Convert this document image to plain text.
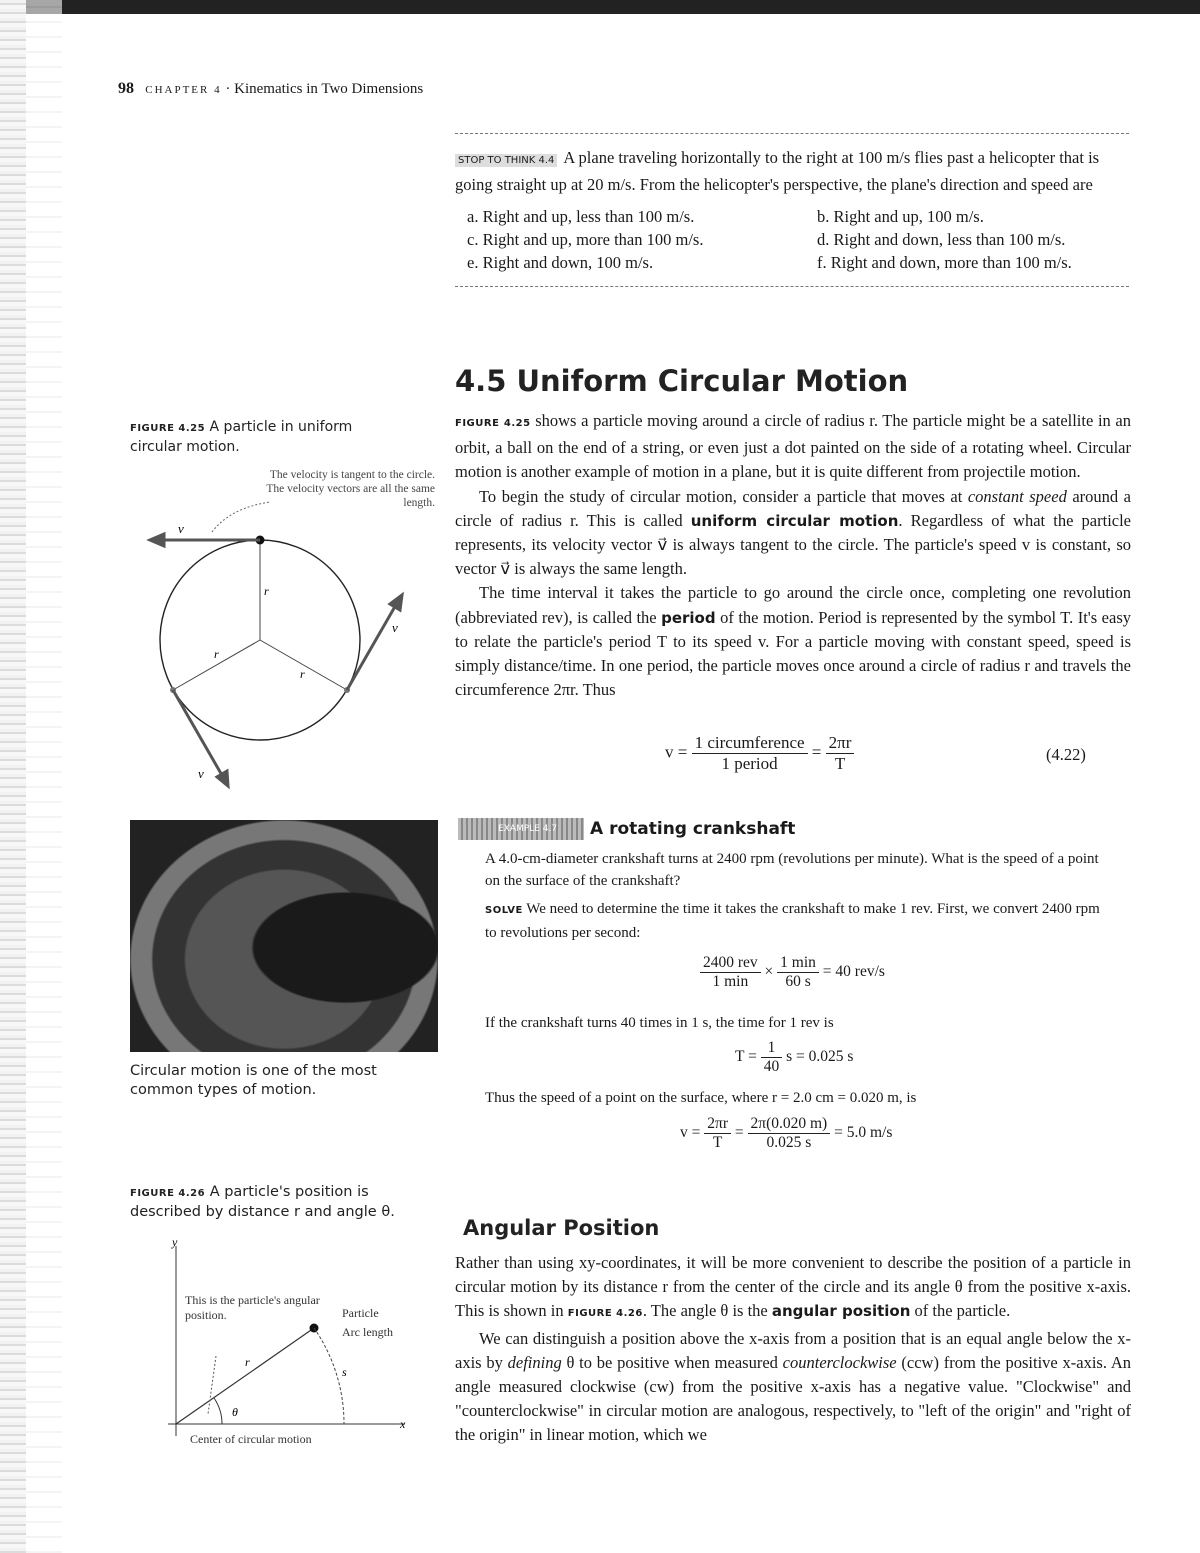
98 CHAPTER 4 · Kinematics in Two Dimensions
STOP TO THINK 4.4 A plane traveling horizontally to the right at 100 m/s flies past a helicopter that is going straight up at 20 m/s. From the helicopter's perspective, the plane's direction and speed are
a. Right and up, less than 100 m/s.	b. Right and up, 100 m/s.
c. Right and up, more than 100 m/s.	d. Right and down, less than 100 m/s.
e. Right and down, 100 m/s.	f. Right and down, more than 100 m/s.
4.5 Uniform Circular Motion
FIGURE 4.25 A particle in uniform circular motion.
The velocity is tangent to the circle. The velocity vectors are all the same length.
v⃗
v⃗
v⃗
r
r
r

FIGURE 4.25 shows a particle moving around a circle of radius r. The particle might be a satellite in an orbit, a ball on the end of a string, or even just a dot painted on the side of a rotating wheel. Circular motion is another example of motion in a plane, but it is quite different from projectile motion.

To begin the study of circular motion, consider a particle that moves at constant speed around a circle of radius r. This is called uniform circular motion. Regardless of what the particle represents, its velocity vector v⃗ is always tangent to the circle. The particle's speed v is constant, so vector v⃗ is always the same length.

The time interval it takes the particle to go around the circle once, completing one revolution (abbreviated rev), is called the period of the motion. Period is represented by the symbol T. It's easy to relate the particle's period T to its speed v. For a particle moving with constant speed, speed is simply distance/time. In one period, the particle moves once around a circle of radius r and travels the circumference 2πr. Thus

$v = \frac{\text{1 circumference}}{\text{1 period}} = \frac{2\pi r}{T}$	(4.22)
Circular motion is one of the most common types of motion.
EXAMPLE 4.7 A rotating crankshaft
A 4.0-cm-diameter crankshaft turns at 2400 rpm (revolutions per minute). What is the speed of a point on the surface of the crankshaft?
SOLVE We need to determine the time it takes the crankshaft to make 1 rev. First, we convert 2400 rpm to revolutions per second:
$\frac{\text{2400 rev}}{1 \min} \times \frac{1 \min}{60 s} = 40$ rev/s
If the crankshaft turns 40 times in 1 s, the time for 1 rev is
$T = \frac{1}{40}$ s = 0.025 s
Thus the speed of a point on the surface, where r = 2.0 cm = 0.020 m, is
$v = \frac{2\pi r}{T} = \frac{2\pi(0.020 m)}{0.025 s} = 5.0$ m/s
FIGURE 4.26 A particle's position is described by distance r and angle θ.
y
x
r
s
θ
This is the particle's angular position.	Particle
Arc length
Center of circular motion
Angular Position

Rather than using xy-coordinates, it will be more convenient to describe the position of a particle in circular motion by its distance r from the center of the circle and its angle θ from the positive x-axis. This is shown in FIGURE 4.26. The angle θ is the angular position of the particle.

We can distinguish a position above the x-axis from a position that is an equal angle below the x-axis by defining θ to be positive when measured counterclockwise (ccw) from the positive x-axis. An angle measured clockwise (cw) from the positive x-axis has a negative value. "Clockwise" and "counterclockwise" in circular motion are analogous, respectively, to "left of the origin" and "right of the origin" in linear motion, which we
